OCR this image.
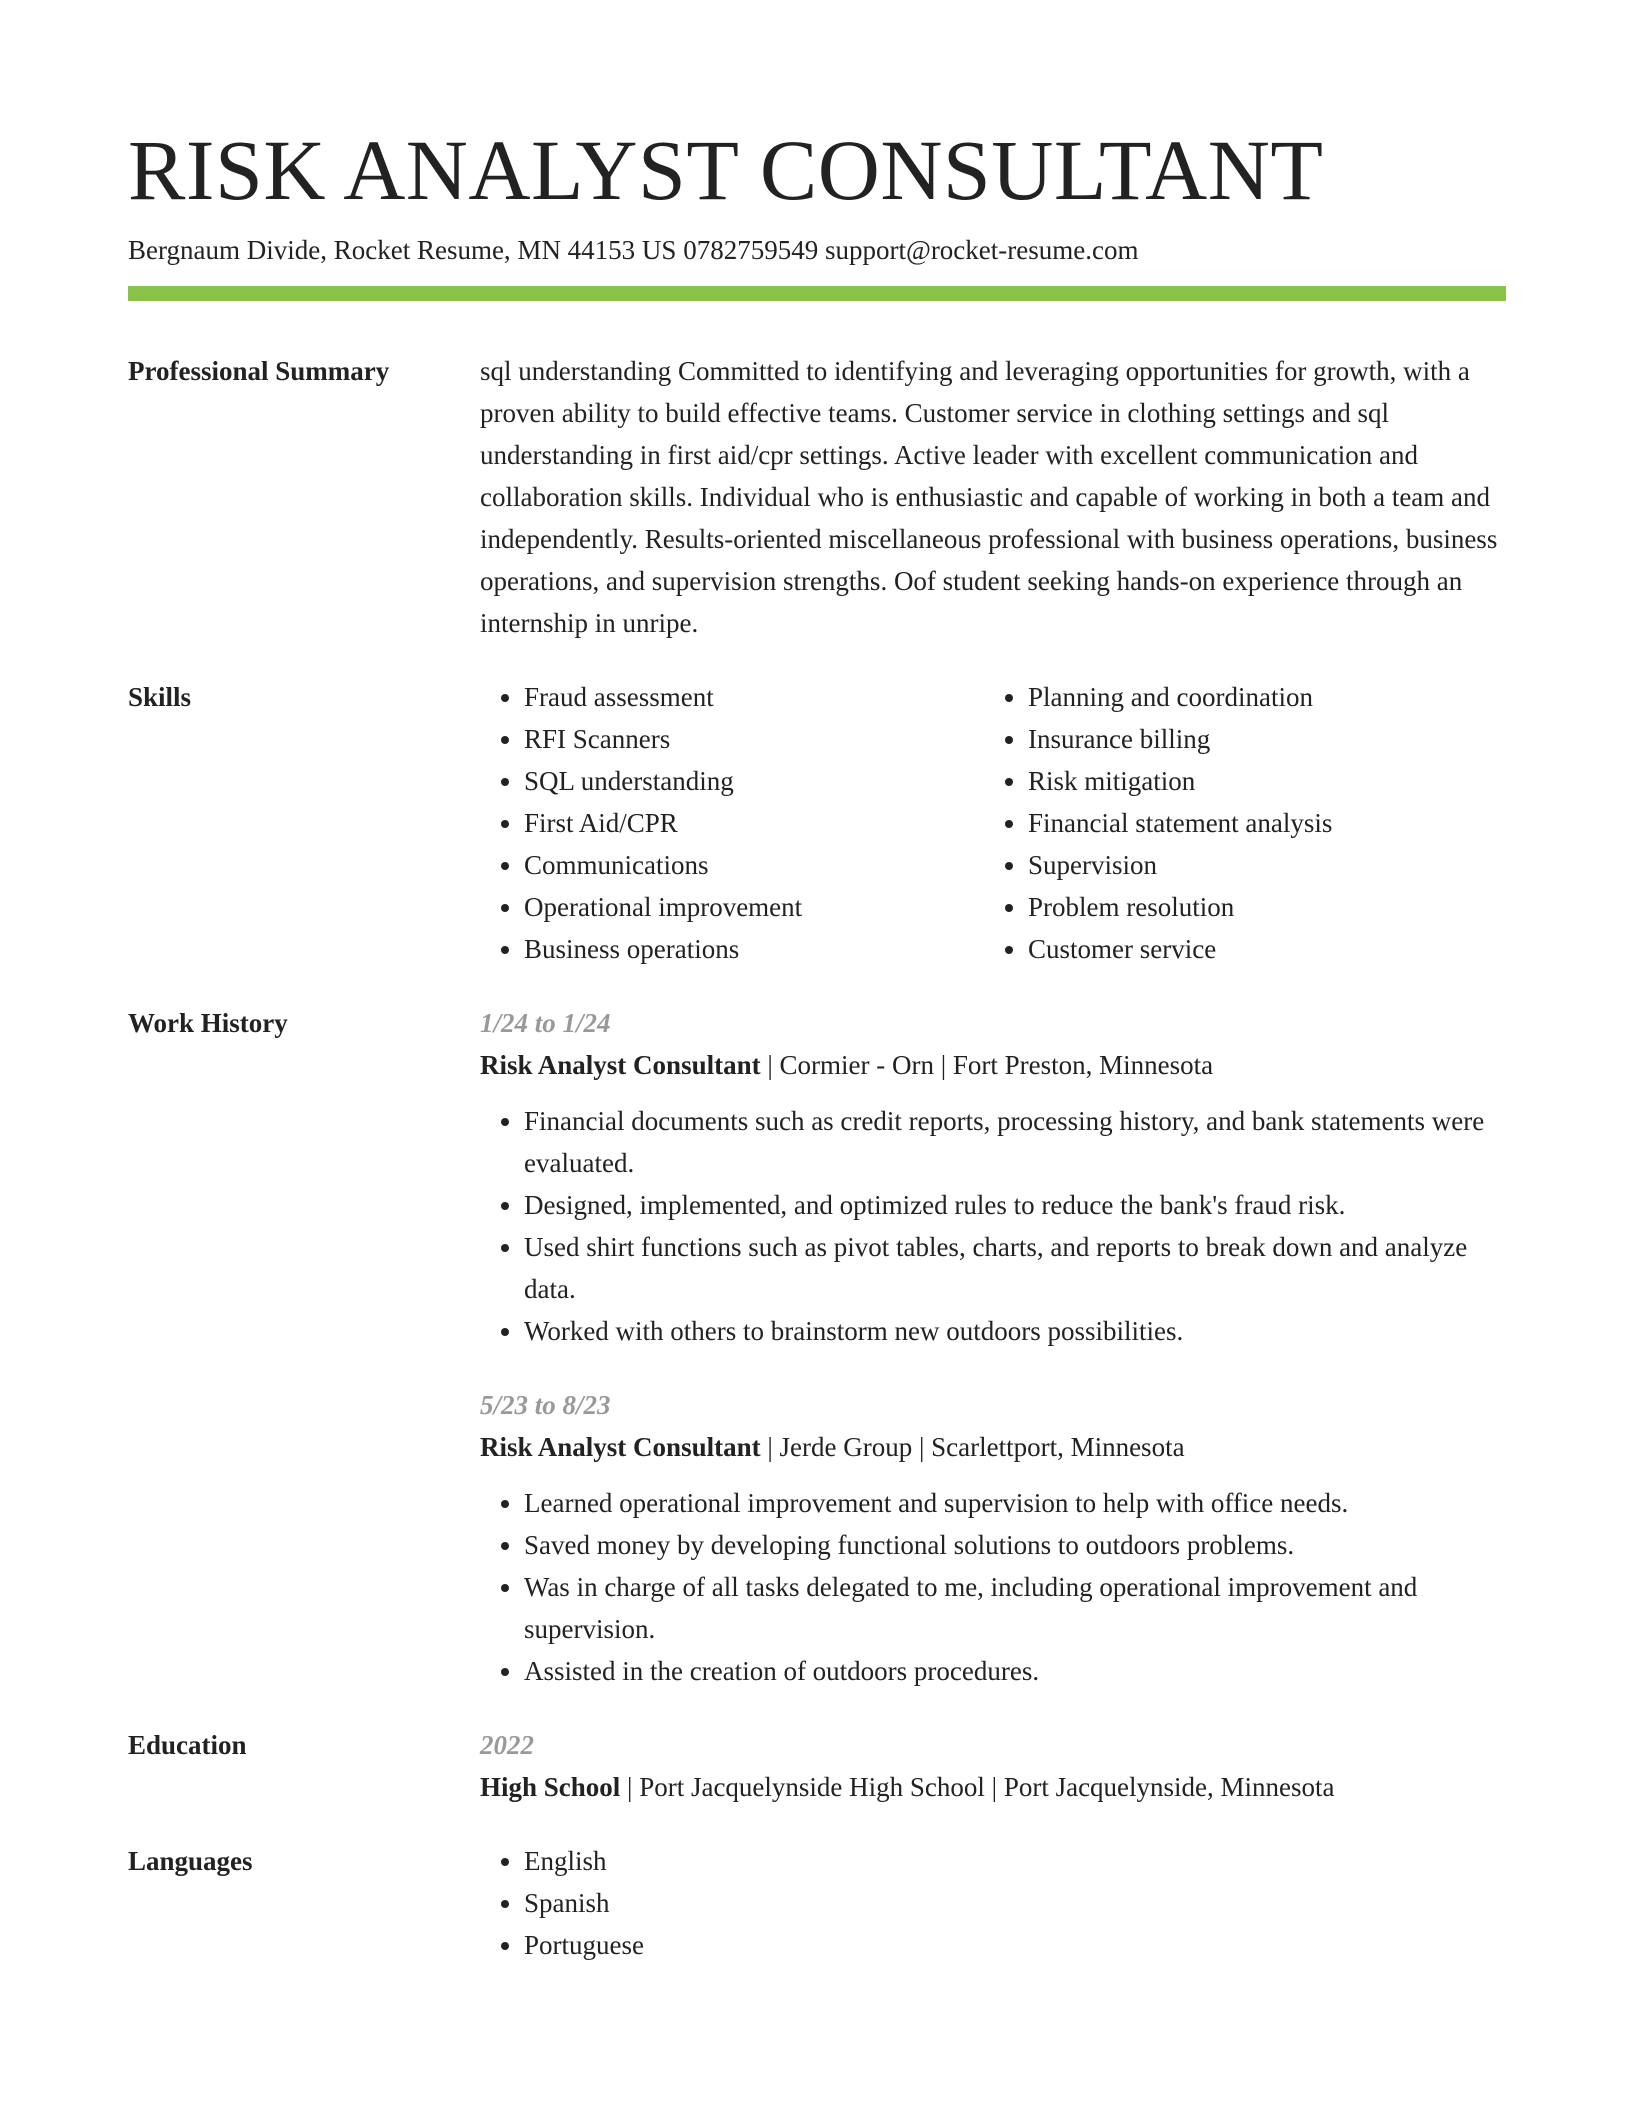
RISK ANALYST CONSULTANT
Bergnaum Divide, Rocket Resume, MN 44153 US 0782759549 support@rocket-resume.com
Professional Summary	sql understanding Committed to identifying and leveraging opportunities for growth, with a proven ability to build effective teams. Customer service in clothing settings and sql understanding in first aid/cpr settings. Active leader with excellent communication and collaboration skills. Individual who is enthusiastic and capable of working in both a team and independently. Results-oriented miscellaneous professional with business operations, business operations, and supervision strengths. Oof student seeking hands-on experience through an internship in unripe.
Skills	• Fraud assessment
• RFI Scanners
• SQL understanding
• First Aid/CPR
• Communications
• Operational improvement
• Business operations
• Planning and coordination
• Insurance billing
• Risk mitigation
• Financial statement analysis
• Supervision
• Problem resolution
• Customer service
Work History	1/24 to 1/24
Risk Analyst Consultant | Cormier - Orn | Fort Preston, Minnesota
• Financial documents such as credit reports, processing history, and bank statements were evaluated.
• Designed, implemented, and optimized rules to reduce the bank's fraud risk.
• Used shirt functions such as pivot tables, charts, and reports to break down and analyze data.
• Worked with others to brainstorm new outdoors possibilities.
5/23 to 8/23
Risk Analyst Consultant | Jerde Group | Scarlettport, Minnesota
• Learned operational improvement and supervision to help with office needs.
• Saved money by developing functional solutions to outdoors problems.
• Was in charge of all tasks delegated to me, including operational improvement and supervision.
• Assisted in the creation of outdoors procedures.
Education	2022
High School | Port Jacquelynside High School | Port Jacquelynside, Minnesota
Languages	• English
• Spanish
• Portuguese
